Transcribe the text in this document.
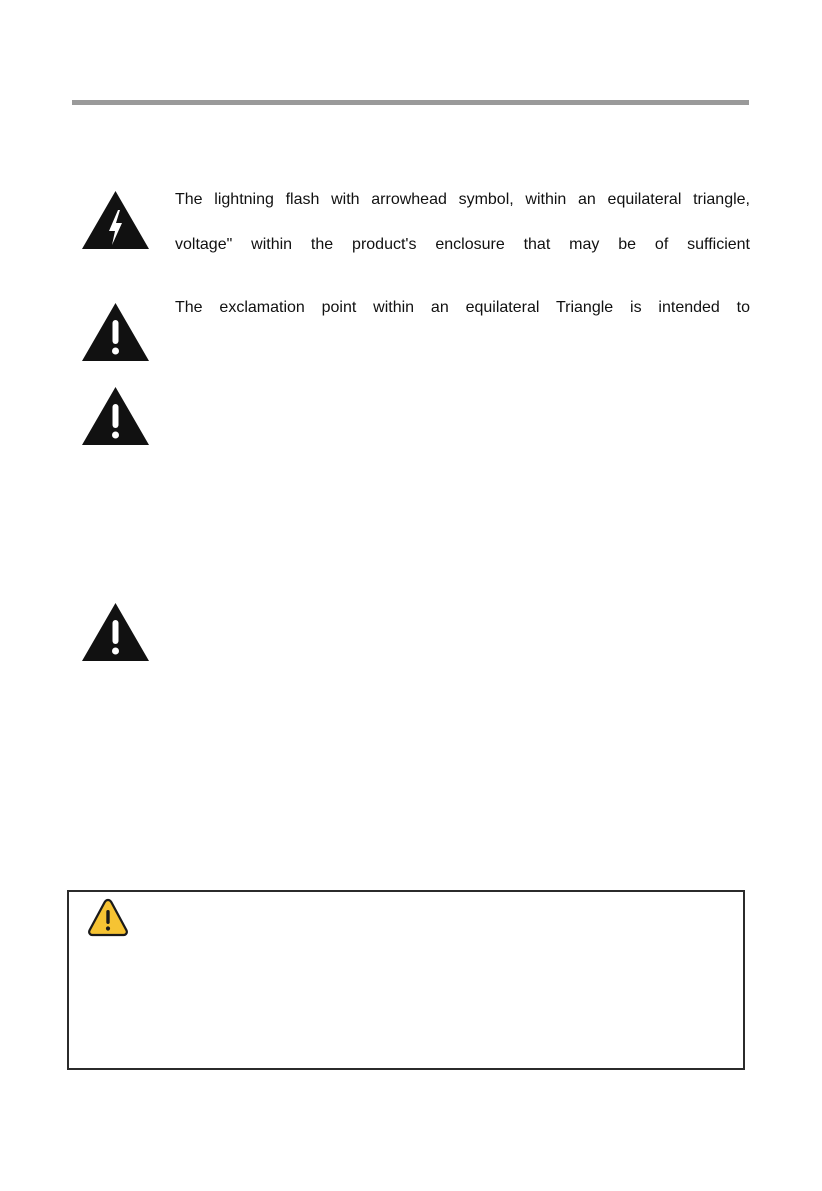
The lightning flash with arrowhead symbol, within an equilateral triangle,
voltage" within the product's enclosure that may be of sufficient
The exclamation point within an equilateral Triangle is intended to
